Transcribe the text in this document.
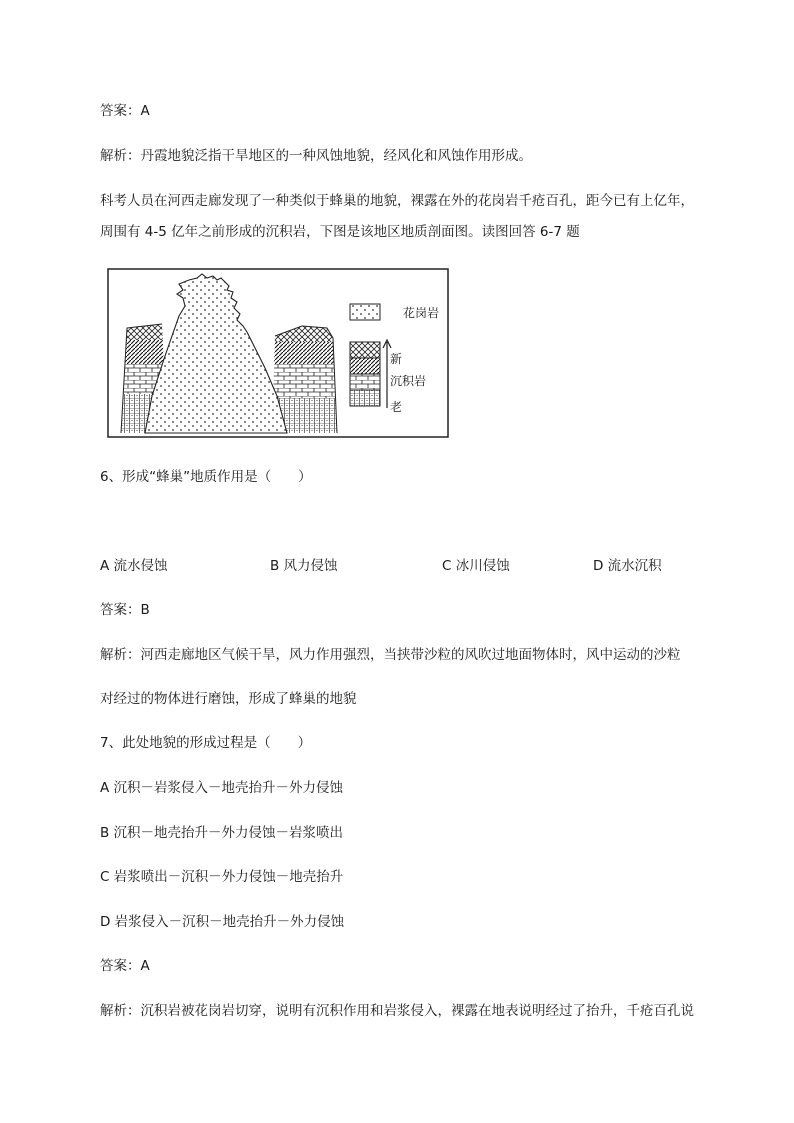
答案：A
解析：丹霞地貌泛指干旱地区的一种风蚀地貌，经风化和风蚀作用形成。
科考人员在河西走廊发现了一种类似于蜂巢的地貌，裸露在外的花岗岩千疮百孔，距今已有上亿年，
周围有 4-5 亿年之前形成的沉积岩，下图是该地区地质剖面图。读图回答 6-7 题
花岗岩
新
沉积岩
老
6、形成“蜂巢”地质作用是（　　）
A 流水侵蚀	B 风力侵蚀	C 冰川侵蚀	D 流水沉积
答案：B
解析：河西走廊地区气候干旱，风力作用强烈，当挟带沙粒的风吹过地面物体时，风中运动的沙粒
对经过的物体进行磨蚀，形成了蜂巢的地貌
7、此处地貌的形成过程是（　　）
A 沉积－岩浆侵入－地壳抬升－外力侵蚀
B 沉积－地壳抬升－外力侵蚀－岩浆喷出
C 岩浆喷出－沉积－外力侵蚀－地壳抬升
D 岩浆侵入－沉积－地壳抬升－外力侵蚀
答案：A
解析：沉积岩被花岗岩切穿，说明有沉积作用和岩浆侵入，裸露在地表说明经过了抬升，千疮百孔说
